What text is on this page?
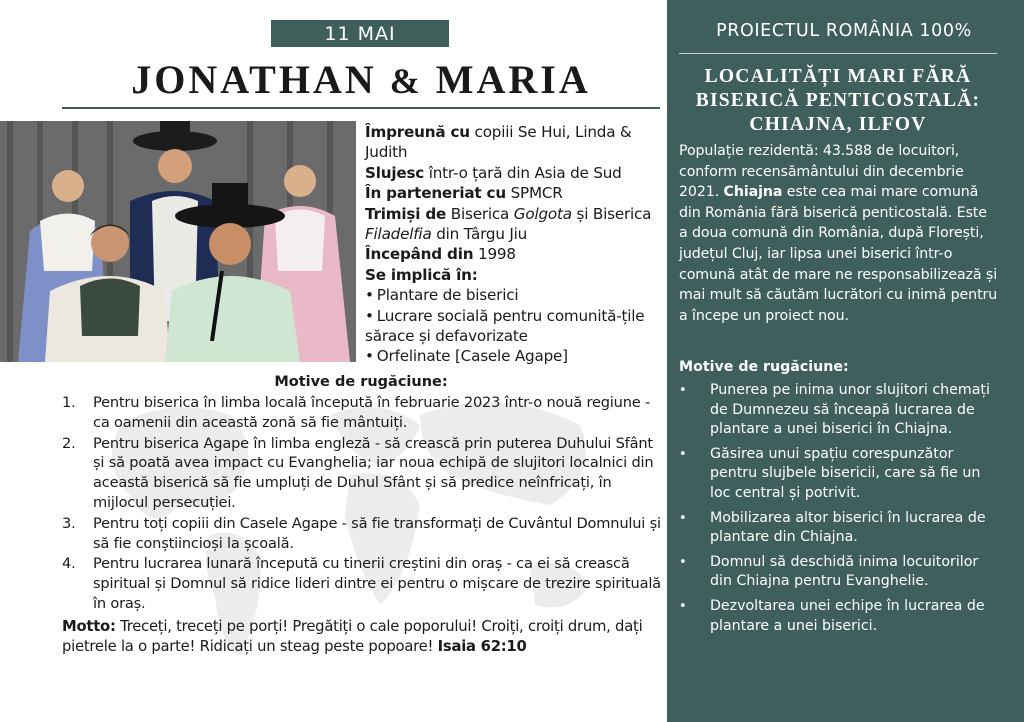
11 MAI
JONATHAN & MARIA
Împreună cu copiii Se Hui, Linda & Judith
Slujesc într-o țară din Asia de Sud
În parteneriat cu SPMCR
Trimiși de Biserica Golgota și Biserica Filadelfia din Târgu Jiu
Începând din 1998
Se implică în:
• Plantare de biserici
• Lucrare socială pentru comunită-țile sărace și defavorizate
• Orfelinate [Casele Agape]
Motive de rugăciune:
1. Pentru biserica în limba locală începută în februarie 2023 într-o nouă regiune - ca oamenii din această zonă să fie mântuiți.
2. Pentru biserica Agape în limba engleză - să crească prin puterea Duhului Sfânt și să poată avea impact cu Evanghelia; iar noua echipă de slujitori localnici din această biserică să fie umpluți de Duhul Sfânt și să predice neînfricați, în mijlocul persecuției.
3. Pentru toți copiii din Casele Agape - să fie transformați de Cuvântul Domnului și să fie conștiincioși la școală.
4. Pentru lucrarea lunară începută cu tinerii creștini din oraș - ca ei să crească spiritual și Domnul să ridice lideri dintre ei pentru o mișcare de trezire spirituală în oraș.

Motto: Treceți, treceți pe porți! Pregătiți o cale poporului! Croiți, croiți drum, dați pietrele la o parte! Ridicați un steag peste popoare! Isaia 62:10

PROIECTUL ROMÂNIA 100%
LOCALITĂȚI MARI FĂRĂ
BISERICĂ PENTICOSTALĂ:
CHIAJNA, ILFOV

Populație rezidentă: 43.588 de locuitori, conform recensământului din decembrie 2021. Chiajna este cea mai mare comună din România fără biserică penticostală. Este a doua comună din România, după Florești, județul Cluj, iar lipsa unei biserici într-o comună atât de mare ne responsabilizează și mai mult să căutăm lucrători cu inimă pentru a începe un proiect nou.

Motive de rugăciune:
• Punerea pe inima unor slujitori chemați de Dumnezeu să înceapă lucrarea de plantare a unei biserici în Chiajna.
• Găsirea unui spațiu corespunzător pentru slujbele bisericii, care să fie un loc central și potrivit.
• Mobilizarea altor biserici în lucrarea de plantare din Chiajna.
• Domnul să deschidă inima locuitorilor din Chiajna pentru Evanghelie.
• Dezvoltarea unei echipe în lucrarea de plantare a unei biserici.
